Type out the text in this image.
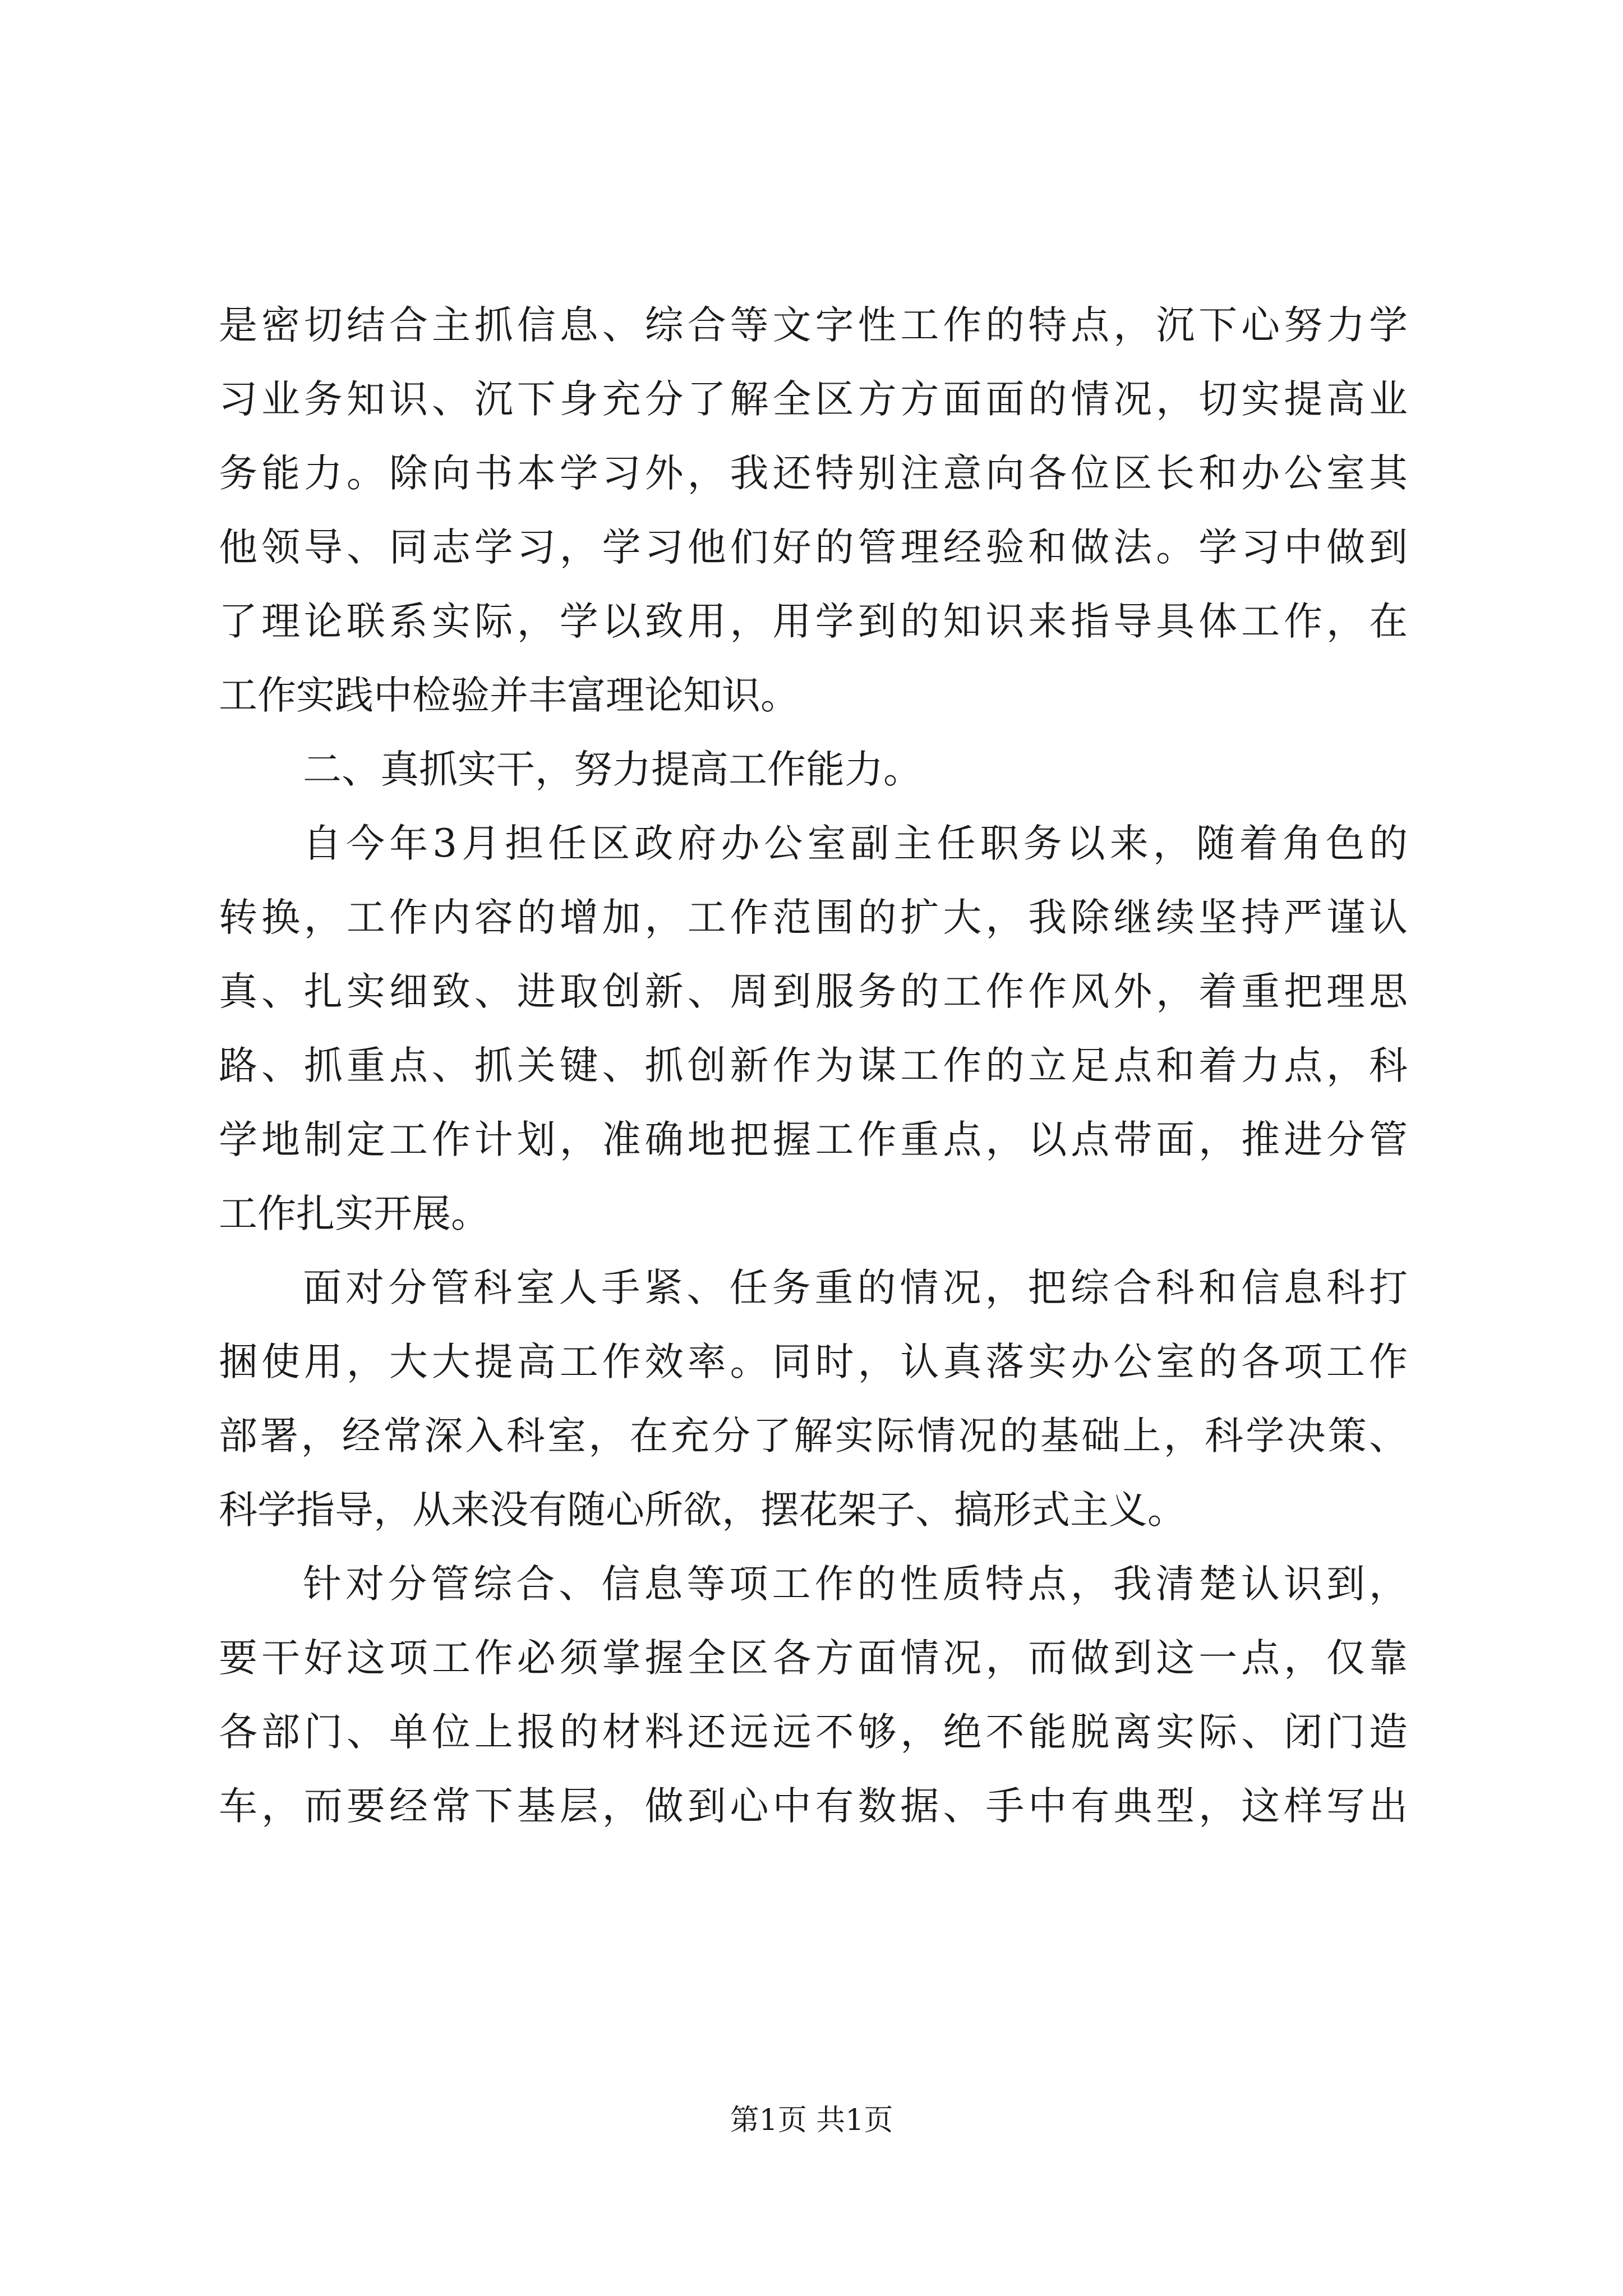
是密切结合主抓信息、综合等文字性工作的特点，沉下心努力学
习业务知识、沉下身充分了解全区方方面面的情况，切实提高业
务能力。除向书本学习外，我还特别注意向各位区长和办公室其
他领导、同志学习，学习他们好的管理经验和做法。学习中做到
了理论联系实际，学以致用，用学到的知识来指导具体工作，在
工作实践中检验并丰富理论知识。
二、真抓实干，努力提高工作能力。
自今年3月担任区政府办公室副主任职务以来，随着角色的
转换，工作内容的增加，工作范围的扩大，我除继续坚持严谨认
真、扎实细致、进取创新、周到服务的工作作风外，着重把理思
路、抓重点、抓关键、抓创新作为谋工作的立足点和着力点，科
学地制定工作计划，准确地把握工作重点，以点带面，推进分管
工作扎实开展。
面对分管科室人手紧、任务重的情况，把综合科和信息科打
捆使用，大大提高工作效率。同时，认真落实办公室的各项工作
部署，经常深入科室，在充分了解实际情况的基础上，科学决策、
科学指导，从来没有随心所欲，摆花架子、搞形式主义。
针对分管综合、信息等项工作的性质特点，我清楚认识到，
要干好这项工作必须掌握全区各方面情况，而做到这一点，仅靠
各部门、单位上报的材料还远远不够，绝不能脱离实际、闭门造
车，而要经常下基层，做到心中有数据、手中有典型，这样写出
第1页 共1页
